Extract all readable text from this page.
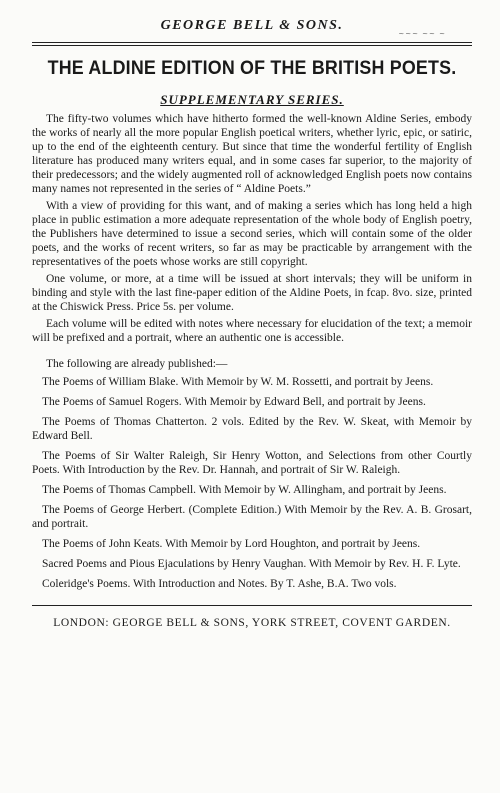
GEORGE BELL & SONS.
~~~ ~~ ~
THE ALDINE EDITION OF THE BRITISH POETS.
SUPPLEMENTARY SERIES.

The fifty-two volumes which have hitherto formed the well-known Aldine Series, embody the works of nearly all the more popular English poetical writers, whether lyric, epic, or satiric, up to the end of the eighteenth century. But since that time the wonderful fertility of English literature has produced many writers equal, and in some cases far superior, to the majority of their predecessors; and the widely augmented roll of acknowledged English poets now contains many names not represented in the series of “ Aldine Poets.”

With a view of providing for this want, and of making a series which has long held a high place in public estimation a more adequate representation of the whole body of English poetry, the Publishers have determined to issue a second series, which will contain some of the older poets, and the works of recent writers, so far as may be practicable by arrangement with the representatives of the poets whose works are still copyright.

One volume, or more, at a time will be issued at short intervals; they will be uniform in binding and style with the last fine-paper edition of the Aldine Poets, in fcap. 8vo. size, printed at the Chiswick Press. Price 5s. per volume.

Each volume will be edited with notes where necessary for elucidation of the text; a memoir will be prefixed and a portrait, where an authentic one is accessible.

The following are already published:—

The Poems of William Blake. With Memoir by W. M. Rossetti, and portrait by Jeens.

The Poems of Samuel Rogers. With Memoir by Edward Bell, and portrait by Jeens.

The Poems of Thomas Chatterton. 2 vols. Edited by the Rev. W. Skeat, with Memoir by Edward Bell.

The Poems of Sir Walter Raleigh, Sir Henry Wotton, and Selections from other Courtly Poets. With Introduction by the Rev. Dr. Hannah, and portrait of Sir W. Raleigh.

The Poems of Thomas Campbell. With Memoir by W. Allingham, and portrait by Jeens.

The Poems of George Herbert. (Complete Edition.) With Memoir by the Rev. A. B. Grosart, and portrait.

The Poems of John Keats. With Memoir by Lord Houghton, and portrait by Jeens.

Sacred Poems and Pious Ejaculations by Henry Vaughan. With Memoir by Rev. H. F. Lyte.

Coleridge's Poems. With Introduction and Notes. By T. Ashe, B.A. Two vols.

LONDON: GEORGE BELL & SONS, YORK STREET, COVENT GARDEN.
